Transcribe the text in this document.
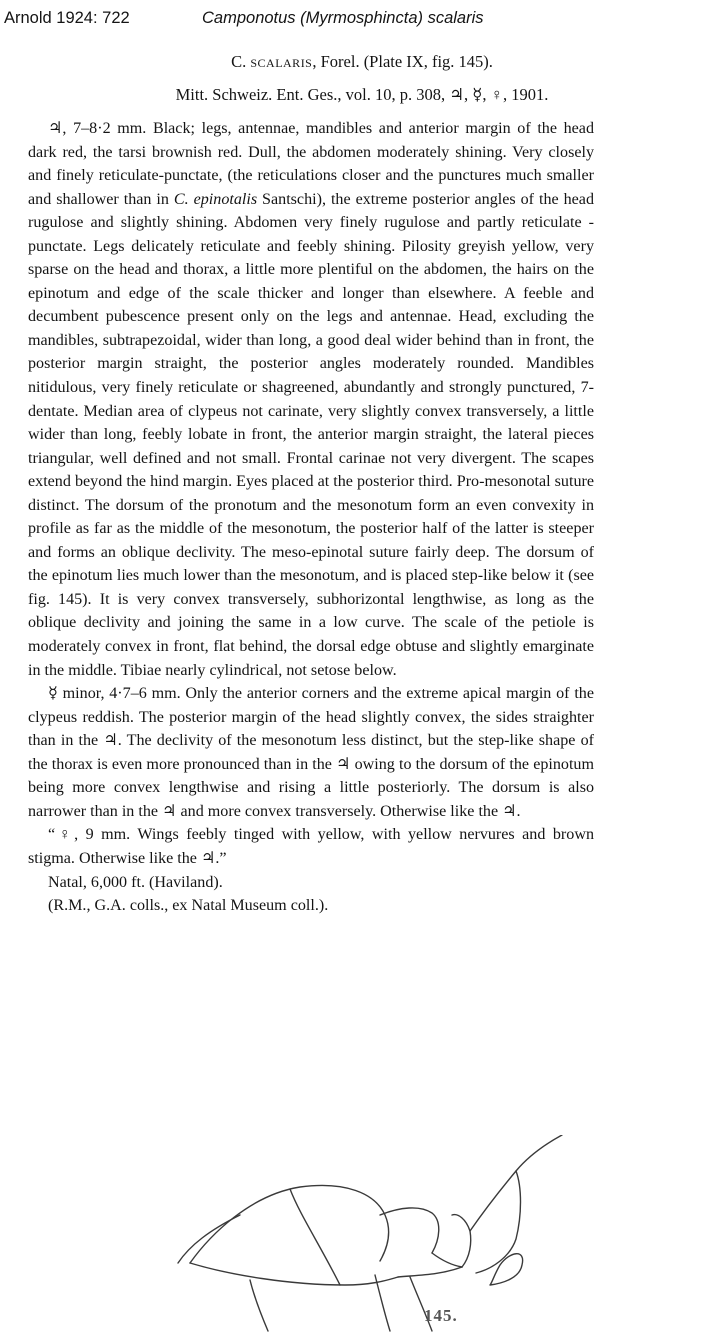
Arnold 1924: 722	Camponotus (Myrmosphincta) scalaris
C. scalaris, Forel. (Plate IX, fig. 145).
Mitt. Schweiz. Ent. Ges., vol. 10, p. 308, ♃, ☿, ♀, 1901.

♃, 7–8·2 mm. Black; legs, antennae, mandibles and anterior margin of the head dark red, the tarsi brownish red. Dull, the abdomen moderately shining. Very closely and finely reticulate-punctate, (the reticulations closer and the punctures much smaller and shallower than in C. epinotalis Santschi), the extreme posterior angles of the head rugulose and slightly shining. Abdomen very finely rugulose and partly reticulate - punctate. Legs delicately reticulate and feebly shining. Pilosity greyish yellow, very sparse on the head and thorax, a little more plentiful on the abdomen, the hairs on the epinotum and edge of the scale thicker and longer than elsewhere. A feeble and decumbent pubescence present only on the legs and antennae. Head, excluding the mandibles, subtrapezoidal, wider than long, a good deal wider behind than in front, the posterior margin straight, the posterior angles moderately rounded. Mandibles nitidulous, very finely reticulate or shagreened, abundantly and strongly punctured, 7-dentate. Median area of clypeus not carinate, very slightly convex transversely, a little wider than long, feebly lobate in front, the anterior margin straight, the lateral pieces triangular, well defined and not small. Frontal carinae not very divergent. The scapes extend beyond the hind margin. Eyes placed at the posterior third. Pro-mesonotal suture distinct. The dorsum of the pronotum and the mesonotum form an even convexity in profile as far as the middle of the mesonotum, the posterior half of the latter is steeper and forms an oblique declivity. The meso-epinotal suture fairly deep. The dorsum of the epinotum lies much lower than the mesonotum, and is placed step-like below it (see fig. 145). It is very convex transversely, subhorizontal lengthwise, as long as the oblique declivity and joining the same in a low curve. The scale of the petiole is moderately convex in front, flat behind, the dorsal edge obtuse and slightly emarginate in the middle. Tibiae nearly cylindrical, not setose below.

☿ minor, 4·7–6 mm. Only the anterior corners and the extreme apical margin of the clypeus reddish. The posterior margin of the head slightly convex, the sides straighter than in the ♃. The declivity of the mesonotum less distinct, but the step-like shape of the thorax is even more pronounced than in the ♃ owing to the dorsum of the epinotum being more convex lengthwise and rising a little posteriorly. The dorsum is also narrower than in the ♃ and more convex transversely. Otherwise like the ♃.

“♀, 9 mm. Wings feebly tinged with yellow, with yellow nervures and brown stigma. Otherwise like the ♃.”

Natal, 6,000 ft. (Haviland).

(R.M., G.A. colls., ex Natal Museum coll.).

145.
